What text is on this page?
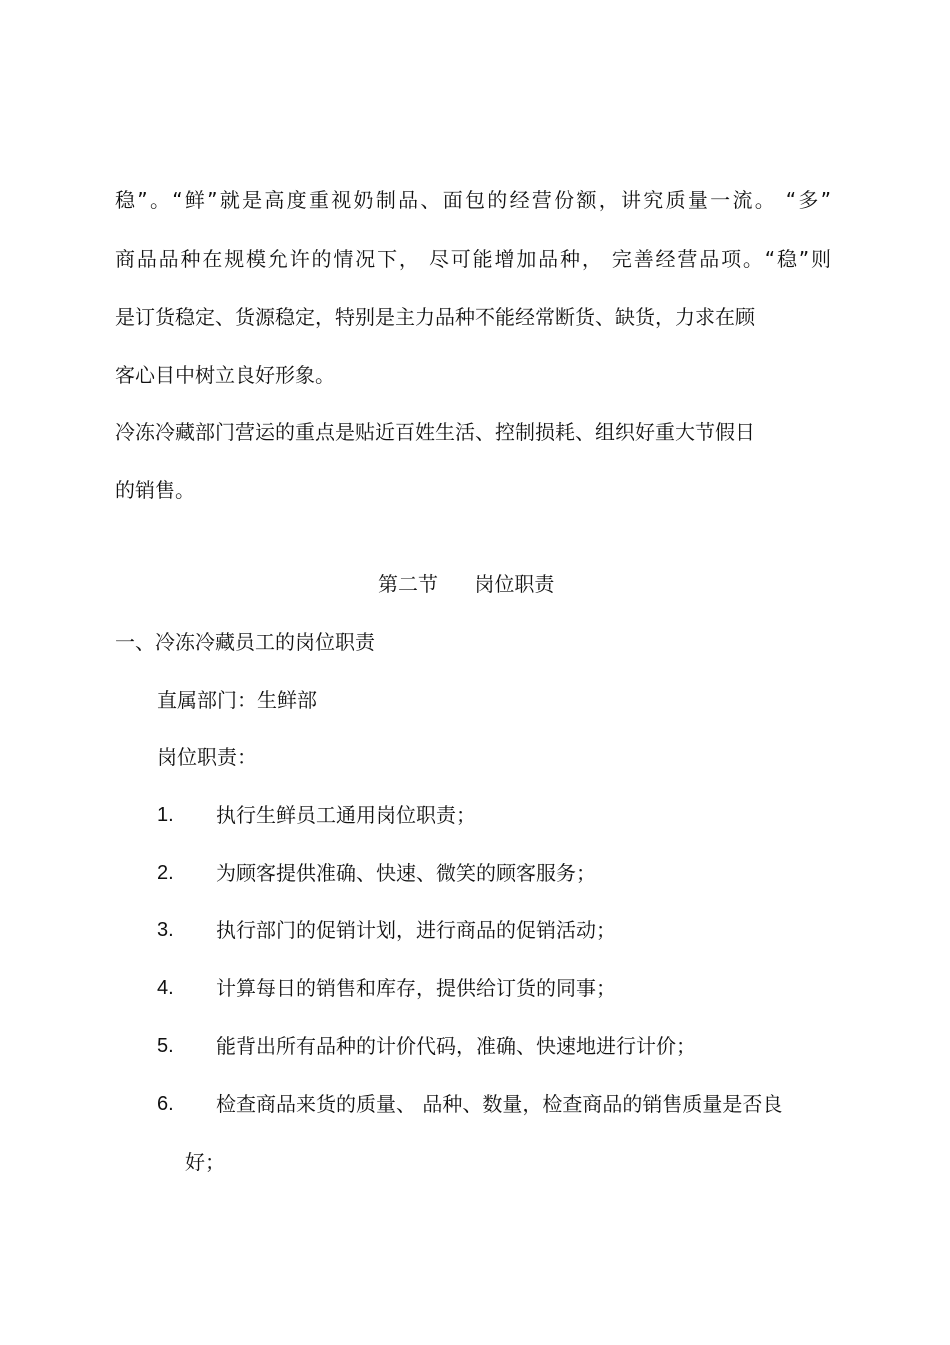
稳”。“鲜”就是高度重视奶制品、面包的经营份额，讲究质量一流。 “多”
商品品种在规模允许的情况下， 尽可能增加品种， 完善经营品项。“稳”则
是订货稳定、货源稳定，特别是主力品种不能经常断货、缺货，力求在顾
客心目中树立良好形象。
冷冻冷藏部门营运的重点是贴近百姓生活、控制损耗、组织好重大节假日
的销售。
第二节 岗位职责
一、冷冻冷藏员工的岗位职责
直属部门：生鲜部
岗位职责：
1. 执行生鲜员工通用岗位职责；
2. 为顾客提供准确、快速、微笑的顾客服务；
3. 执行部门的促销计划，进行商品的促销活动；
4. 计算每日的销售和库存，提供给订货的同事；
5. 能背出所有品种的计价代码，准确、快速地进行计价；
6. 检查商品来货的质量、 品种、数量，检查商品的销售质量是否良
好；
